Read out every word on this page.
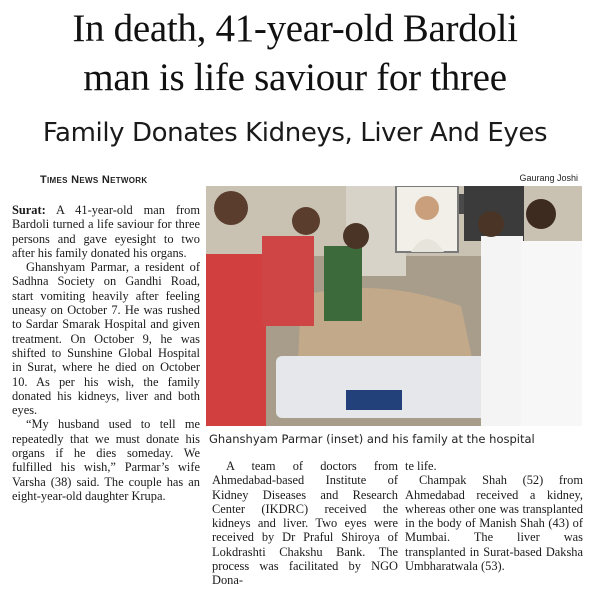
In death, 41-year-old Bardoli
man is life saviour for three
Family Donates Kidneys, Liver And Eyes
Times News Network	Gaurang Joshi

Surat: A 41-year-old man from Bardoli turned a life saviour for three persons and gave eyesight to two after his family donated his organs.

Ghanshyam Parmar, a resident of Sadhna Society on Gandhi Road, start vomiting heavily after feeling uneasy on October 7. He was rushed to Sardar Smarak Hospital and given treatment. On October 9, he was shifted to Sunshine Global Hospital in Surat, where he died on October 10. As per his wish, the family donated his kidneys, liver and both eyes.

“My husband used to tell me repeatedly that we must donate his organs if he dies someday. We fulfilled his wish,” Parmar’s wife Varsha (38) said. The couple has an eight-year-old daughter Krupa.

Ghanshyam Parmar (inset) and his family at the hospital

A team of doctors from Ahmedabad-based Institute of Kidney Diseases and Research Center (IKDRC) received the kidneys and liver. Two eyes were received by Dr Praful Shiroya of Lokdrashti Chakshu Bank. The process was facilitated by NGO Dona-

te life.

Champak Shah (52) from Ahmedabad received a kidney, whereas other one was transplanted in the body of Manish Shah (43) of Mumbai. The liver was transplanted in Surat-based Daksha Umbharatwala (53).
